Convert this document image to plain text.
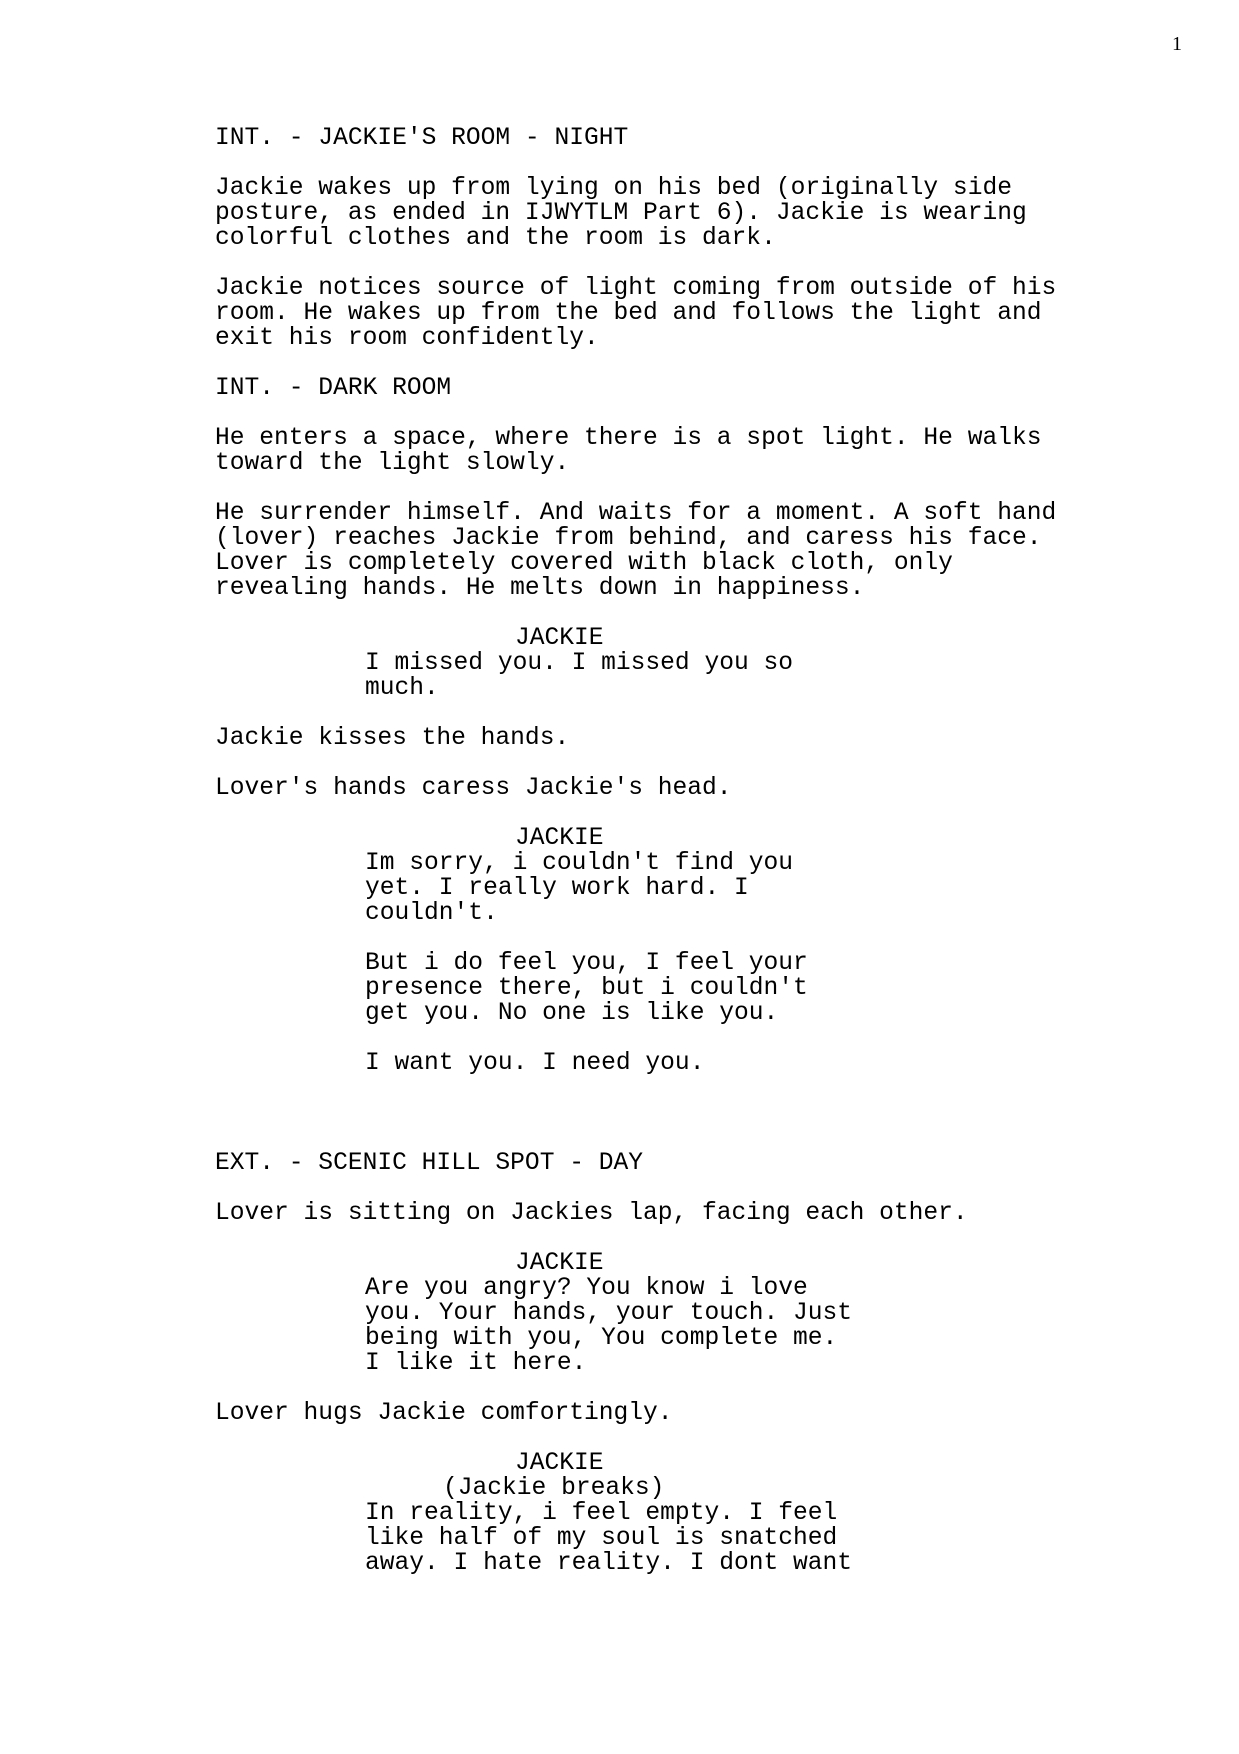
1
INT. - JACKIE'S ROOM - NIGHT
Jackie wakes up from lying on his bed (originally side
posture, as ended in IJWYTLM Part 6). Jackie is wearing
colorful clothes and the room is dark.
Jackie notices source of light coming from outside of his
room. He wakes up from the bed and follows the light and
exit his room confidently.
INT. - DARK ROOM
He enters a space, where there is a spot light. He walks
toward the light slowly.
He surrender himself. And waits for a moment. A soft hand
(lover) reaches Jackie from behind, and caress his face.
Lover is completely covered with black cloth, only
revealing hands. He melts down in happiness.
JACKIE
I missed you. I missed you so
much.
Jackie kisses the hands.
Lover's hands caress Jackie's head.
JACKIE
Im sorry, i couldn't find you
yet. I really work hard. I
couldn't.
But i do feel you, I feel your
presence there, but i couldn't
get you. No one is like you.
I want you. I need you.
EXT. - SCENIC HILL SPOT - DAY
Lover is sitting on Jackies lap, facing each other.
JACKIE
Are you angry? You know i love
you. Your hands, your touch. Just
being with you, You complete me.
I like it here.
Lover hugs Jackie comfortingly.
JACKIE
(Jackie breaks)
In reality, i feel empty. I feel
like half of my soul is snatched
away. I hate reality. I dont want
